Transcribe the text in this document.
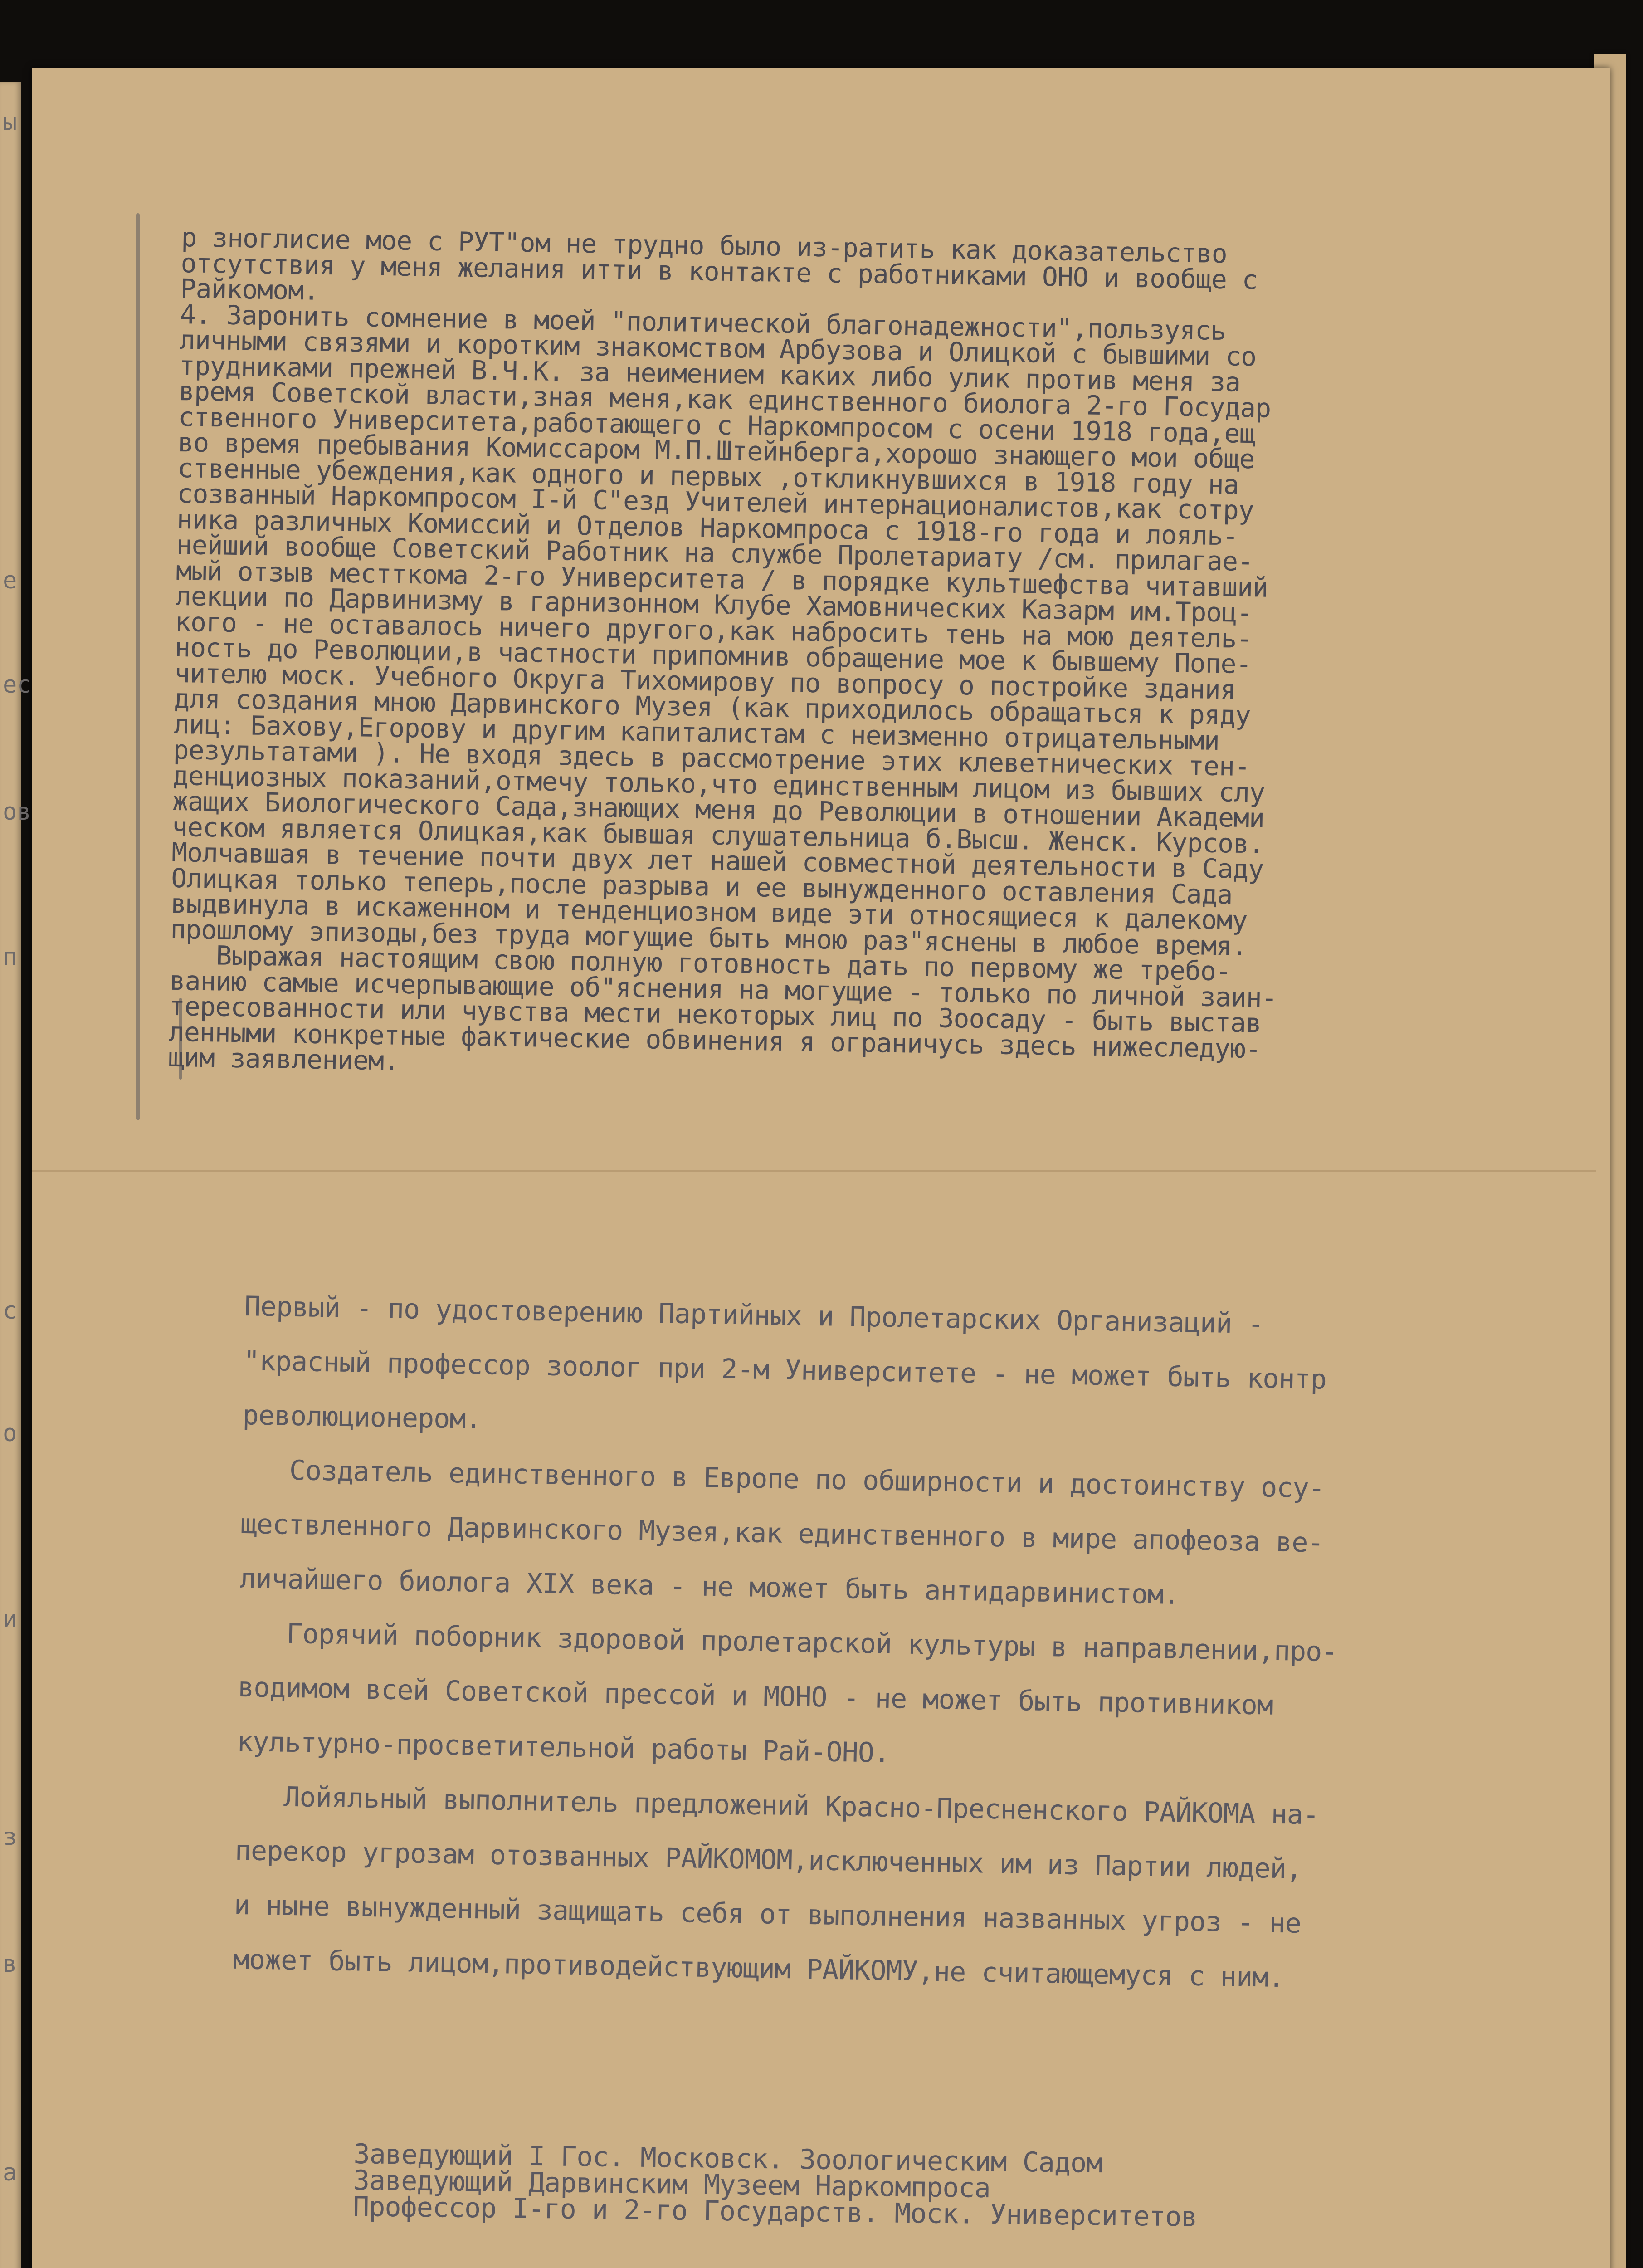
ы
е
ес
ов
п
с
о
и
з
в
а
р зноглисие мое с РУТ"ом не трудно было из-ратить как доказательство
отсутствия у меня желания итти в контакте с работниками ОНО и вообще с
Райкомом.
4. Заронить сомнение в моей "политической благонадежности",пользуясь
личными связями и коротким знакомством Арбузова и Олицкой с бывшими со
трудниками прежней В.Ч.К. за неимением каких либо улик против меня за
время Советской власти,зная меня,как единственного биолога 2-го Государ
ственного Университета,работающего с Наркомпросом с осени 1918 года,ещ
во время пребывания Комиссаром М.П.Штейнберга,хорошо знающего мои обще
ственные убеждения,как одного и первых ,откликнувшихся в 1918 году на
созванный Наркомпросом I-й С"езд Учителей интернационалистов,как сотру
ника различных Комиссий и Отделов Наркомпроса с 1918-го года и лояль-
нейший вообще Советский Работник на службе Пролетариату /см. прилагае-
мый отзыв местткома 2-го Университета / в порядке культшефства читавший
лекции по Дарвинизму в гарнизонном Клубе Хамовнических Казарм им.Троц-
кого - не оставалось ничего другого,как набросить тень на мою деятель-
ность до Революции,в частности припомнив обращение мое к бывшему Попе-
чителю моск. Учебного Округа Тихомирову по вопросу о постройке здания
для создания мною Дарвинского Музея (как приходилось обращаться к ряду
лиц: Бахову,Егорову и другим капиталистам с неизменно отрицательными
результатами ). Не входя здесь в рассмотрение этих клеветнических тен-
денциозных показаний,отмечу только,что единственным лицом из бывших слу
жащих Биологического Сада,знающих меня до Революции в отношении Академи
ческом является Олицкая,как бывшая слушательница б.Высш. Женск. Курсов.
Молчавшая в течение почти двух лет нашей совместной деятельности в Саду
Олицкая только теперь,после разрыва и ее вынужденного оставления Сада
выдвинула в искаженном и тенденциозном виде эти относящиеся к далекому
прошлому эпизоды,без труда могущие быть мною раз"яснены в любое время.
Выражая настоящим свою полную готовность дать по первому же требо-
ванию самые исчерпывающие об"яснения на могущие - только по личной заин-
тересованности или чувства мести некоторых лиц по Зоосаду - быть выстав
ленными конкретные фактические обвинения я ограничусь здесь нижеследую-
щим заявлением.
Первый - по удостоверению Партийных и Пролетарских Организаций -
"красный профессор зоолог при 2-м Университете - не может быть контр
революционером.
Создатель единственного в Европе по обширности и достоинству осу-
ществленного Дарвинского Музея,как единственного в мире апофеоза ве-
личайшего биолога XIX века - не может быть антидарвинистом.
Горячий поборник здоровой пролетарской культуры в направлении,про-
водимом всей Советской прессой и МОНО - не может быть противником
культурно-просветительной работы Рай-ОНО.
Лойяльный выполнитель предложений Красно-Пресненского РАЙКОМА на-
перекор угрозам отозванных РАЙКОМОМ,исключенных им из Партии людей,
и ныне вынужденный защищать себя от выполнения названных угроз - не
может быть лицом,противодействующим РАЙКОМУ,не считающемуся с ним.
Заведующий I Гос. Московск. Зоологическим Садом
Заведующий Дарвинским Музеем Наркомпроса
Профессор I-го и 2-го Государств. Моск. Университетов
